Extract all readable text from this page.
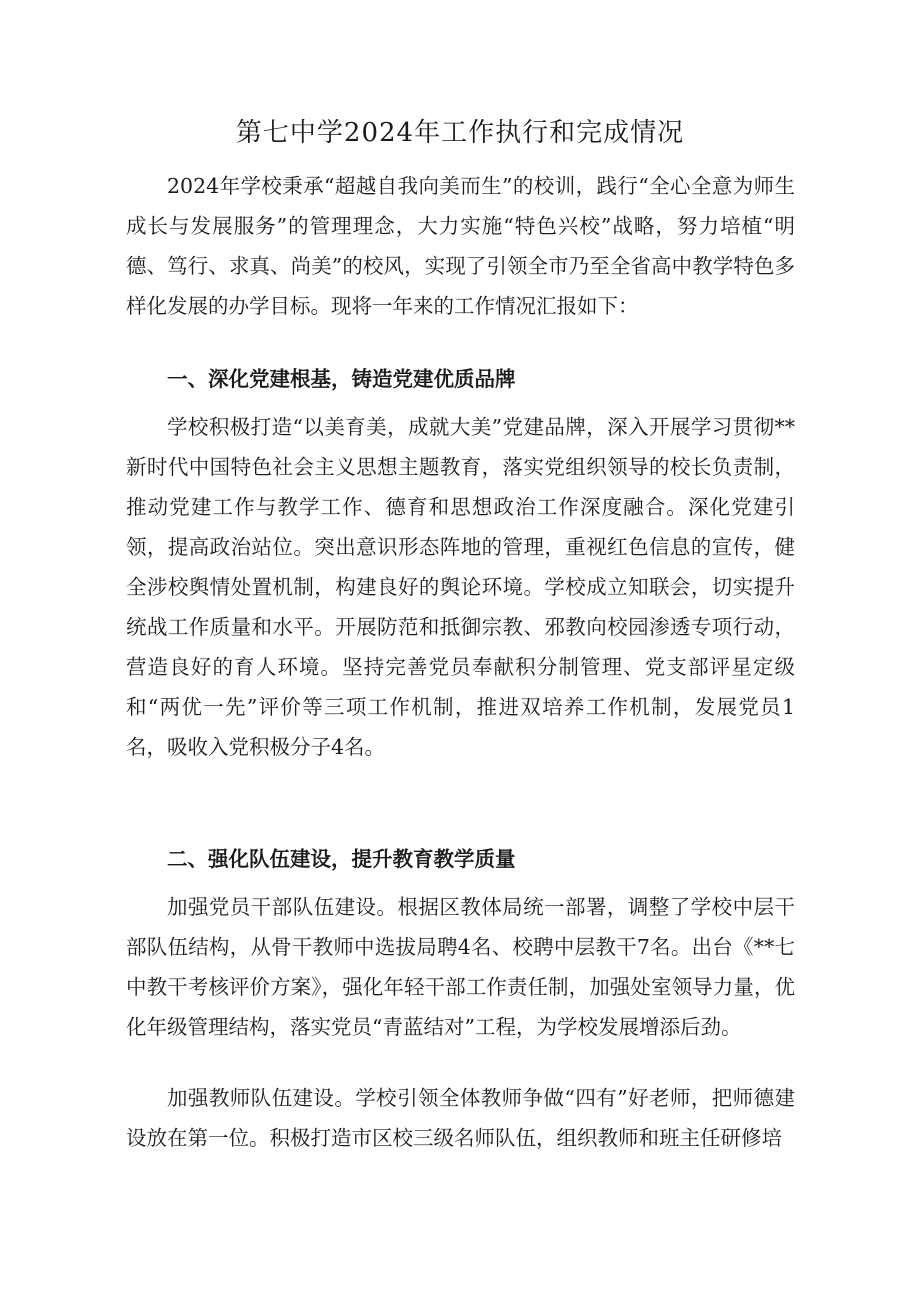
第七中学2024年工作执行和完成情况

2024年学校秉承“超越自我向美而生”的校训，践行“全心全意为师生成长与发展服务”的管理理念，大力实施“特色兴校”战略，努力培植“明德、笃行、求真、尚美”的校风，实现了引领全市乃至全省高中教学特色多样化发展的办学目标。现将一年来的工作情况汇报如下：

一、深化党建根基，铸造党建优质品牌

学校积极打造“以美育美，成就大美”党建品牌，深入开展学习贯彻**新时代中国特色社会主义思想主题教育，落实党组织领导的校长负责制，推动党建工作与教学工作、德育和思想政治工作深度融合。深化党建引领，提高政治站位。突出意识形态阵地的管理，重视红色信息的宣传，健全涉校舆情处置机制，构建良好的舆论环境。学校成立知联会，切实提升统战工作质量和水平。开展防范和抵御宗教、邪教向校园渗透专项行动，营造良好的育人环境。坚持完善党员奉献积分制管理、党支部评星定级和“两优一先”评价等三项工作机制，推进双培养工作机制，发展党员1名，吸收入党积极分子4名。

二、强化队伍建设，提升教育教学质量

加强党员干部队伍建设。根据区教体局统一部署，调整了学校中层干部队伍结构，从骨干教师中选拔局聘4名、校聘中层教干7名。出台《**七中教干考核评价方案》，强化年轻干部工作责任制，加强处室领导力量，优化年级管理结构，落实党员“青蓝结对”工程，为学校发展增添后劲。

加强教师队伍建设。学校引领全体教师争做“四有”好老师，把师德建设放在第一位。积极打造市区校三级名师队伍，组织教师和班主任研修培
